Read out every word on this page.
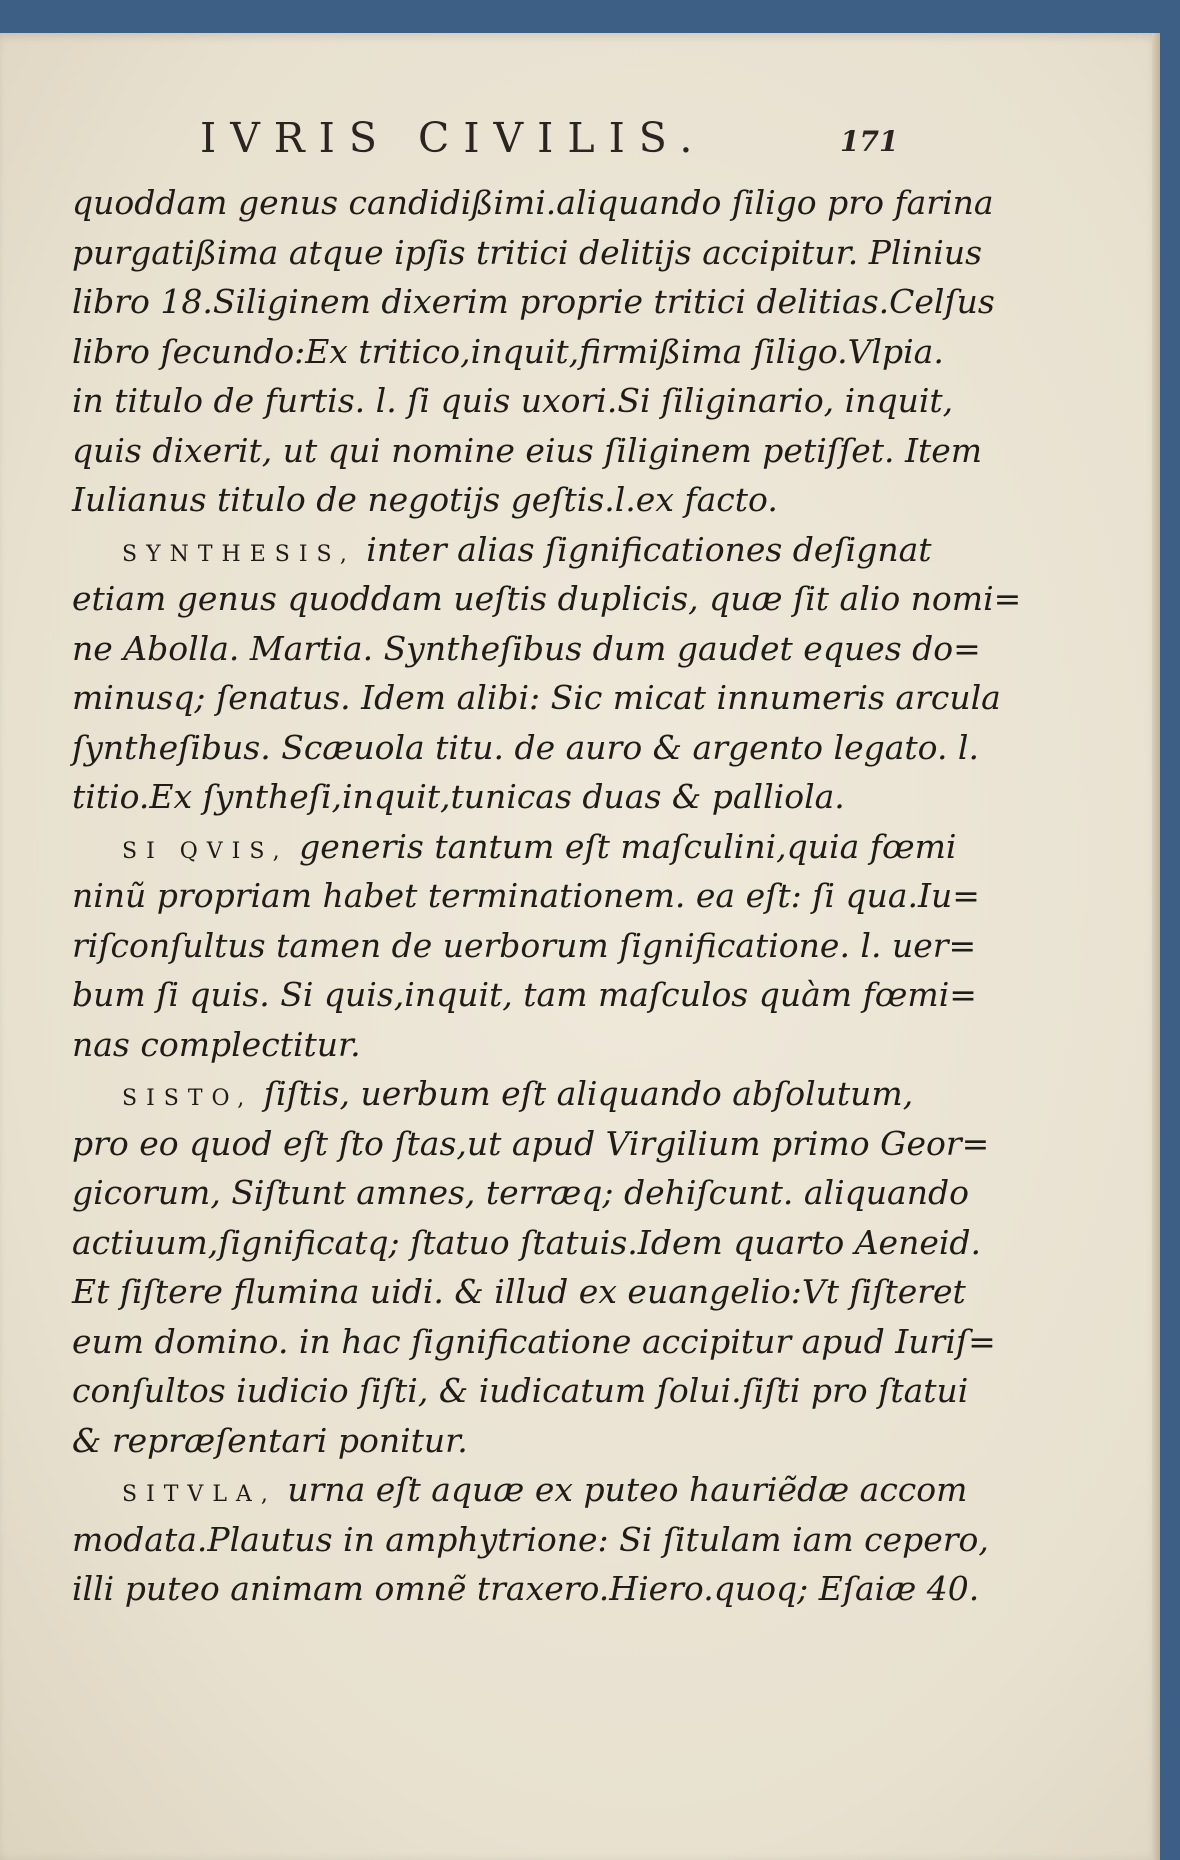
IVRIS CIVILIS.	171
quoddam genus candidißimi.aliquando ſiligo pro farina
purgatißima atque ipſis tritici delitijs accipitur. Plinius
libro 18.Siliginem dixerim proprie tritici delitias.Celſus
libro ſecundo:Ex tritico,inquit,firmißima ſiligo.Vlpia.
in titulo de furtis. l. ſi quis uxori.Si ſiliginario, inquit,
quis dixerit, ut qui nomine eius ſiliginem petiſſet. Item
Iulianus titulo de negotijs geſtis.l.ex facto.
SYNTHESIS, inter alias ſignificationes deſignat
etiam genus quoddam ueſtis duplicis, quæ ſit alio nomi=
ne Abolla. Martia. Syntheſibus dum gaudet eques do=
minusq; ſenatus. Idem alibi: Sic micat innumeris arcula
ſyntheſibus. Scæuola titu. de auro & argento legato. l.
titio.Ex ſyntheſi,inquit,tunicas duas & palliola.
SI QVIS, generis tantum eſt maſculini,quia fœmi
ninũ propriam habet terminationem. ea eſt: ſi qua.Iu=
riſconſultus tamen de uerborum ſignificatione. l. uer=
bum ſi quis. Si quis,inquit, tam maſculos quàm fœmi=
nas complectitur.
SISTO, ſiſtis, uerbum eſt aliquando abſolutum,
pro eo quod eſt ſto ſtas,ut apud Virgilium primo Geor=
gicorum, Siſtunt amnes, terræq; dehiſcunt. aliquando
actiuum,ſignificatq; ſtatuo ſtatuis.Idem quarto Aeneid.
Et ſiſtere flumina uidi. & illud ex euangelio:Vt ſiſteret
eum domino. in hac ſignificatione accipitur apud Iuriſ=
conſultos iudicio ſiſti, & iudicatum ſolui.ſiſti pro ſtatui
& repræſentari ponitur.
SITVLA, urna eſt aquæ ex puteo hauriẽdæ accom
modata.Plautus in amphytrione: Si ſitulam iam cepero,
illi puteo animam omnẽ traxero.Hiero.quoq; Eſaiæ 40.
